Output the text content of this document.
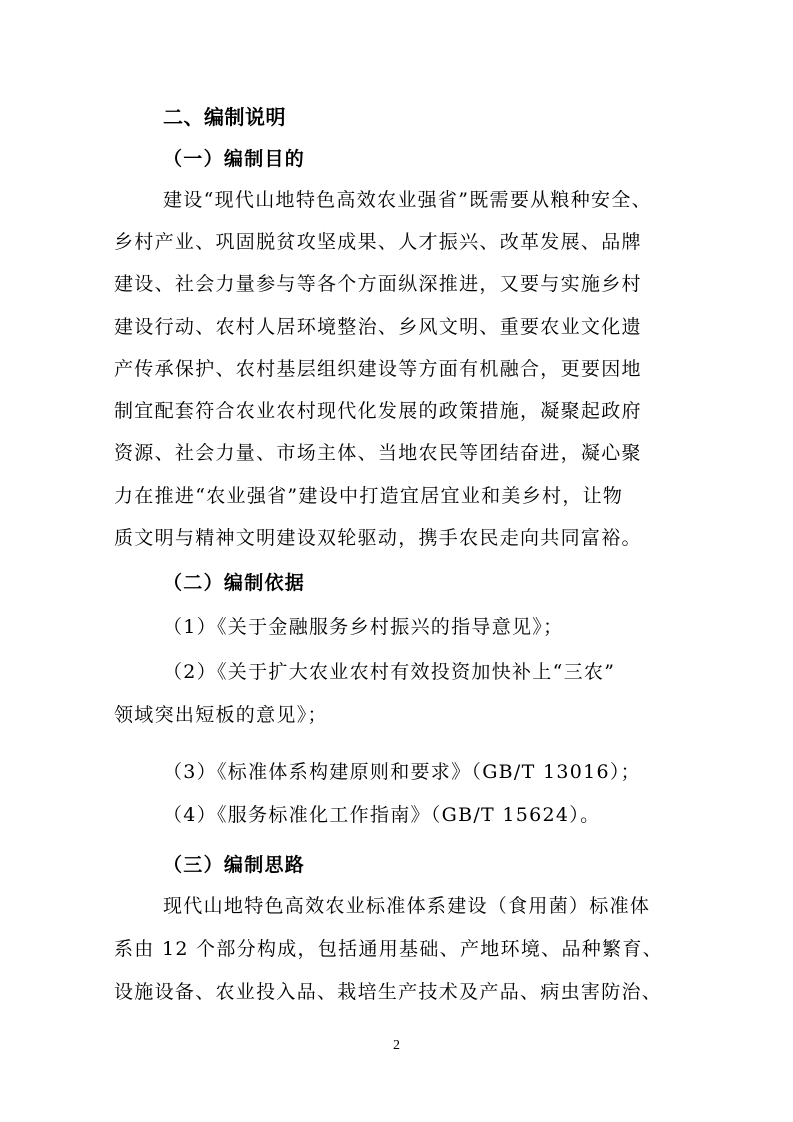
二、编制说明
（一）编制目的
建设“现代山地特色高效农业强省”既需要从粮种安全、
乡村产业、巩固脱贫攻坚成果、人才振兴、改革发展、品牌
建设、社会力量参与等各个方面纵深推进，又要与实施乡村
建设行动、农村人居环境整治、乡风文明、重要农业文化遗
产传承保护、农村基层组织建设等方面有机融合，更要因地
制宜配套符合农业农村现代化发展的政策措施，凝聚起政府
资源、社会力量、市场主体、当地农民等团结奋进，凝心聚
力在推进“农业强省”建设中打造宜居宜业和美乡村，让物
质文明与精神文明建设双轮驱动，携手农民走向共同富裕。
（二）编制依据
（1）《关于金融服务乡村振兴的指导意见》；
（2）《关于扩大农业农村有效投资加快补上“三农”
领域突出短板的意见》；
（3）《标准体系构建原则和要求》（GB/T 13016）；
（4）《服务标准化工作指南》（GB/T 15624）。
（三）编制思路
现代山地特色高效农业标准体系建设（食用菌）标准体
系由 12 个部分构成，包括通用基础、产地环境、品种繁育、
设施设备、农业投入品、栽培生产技术及产品、病虫害防治、
2
